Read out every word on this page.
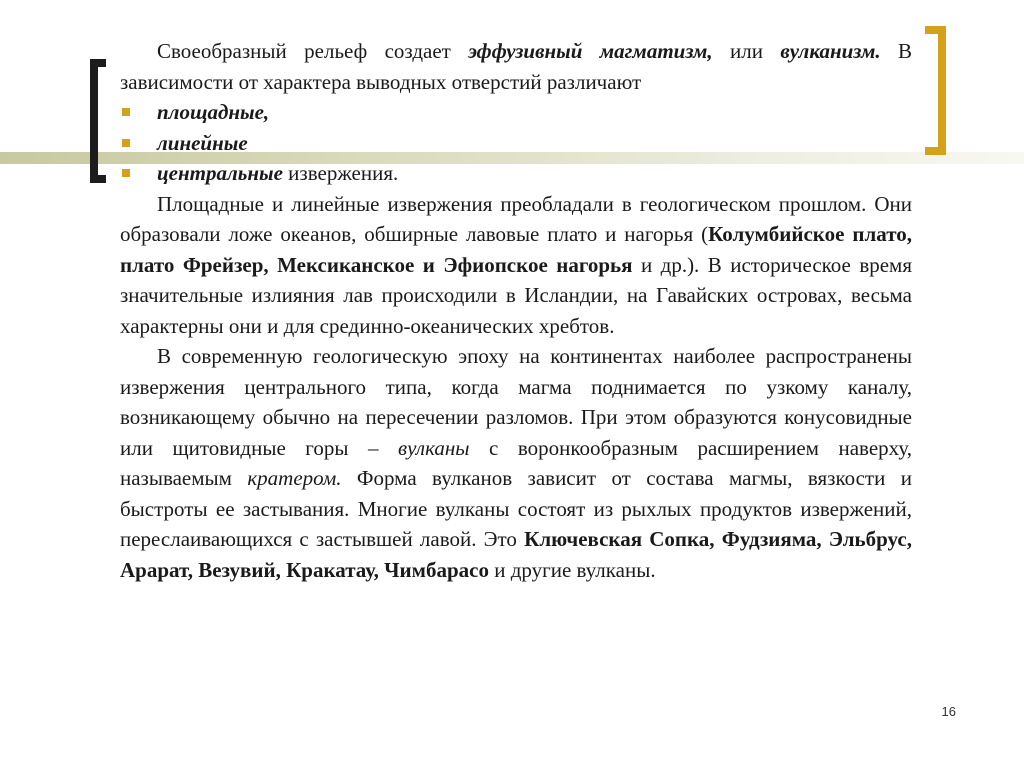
Своеобразный рельеф создает эффузивный магматизм, или вулканизм. В зависимости от характера выводных отверстий различают

площадные,
линейные
центральные извержения.

Площадные и линейные извержения преобладали в геологическом прошлом. Они образовали ложе океанов, обширные лавовые плато и нагорья (Колумбийское плато, плато Фрейзер, Мексиканское и Эфиопское нагорья и др.). В историческое время значительные излияния лав происходили в Исландии, на Гавайских островах, весьма характерны они и для срединно-океанических хребтов.

В современную геологическую эпоху на континентах наиболее распространены извержения центрального типа, когда магма поднимается по узкому каналу, возникающему обычно на пересечении разломов. При этом образуются конусовидные или щитовидные горы – вулканы с воронкообразным расширением наверху, называемым кратером. Форма вулканов зависит от состава магмы, вязкости и быстроты ее застывания. Многие вулканы состоят из рыхлых продуктов извержений, переслаивающихся с застывшей лавой. Это Ключевская Сопка, Фудзияма, Эльбрус, Арарат, Везувий, Кракатау, Чимбарасо и другие вулканы.

16
